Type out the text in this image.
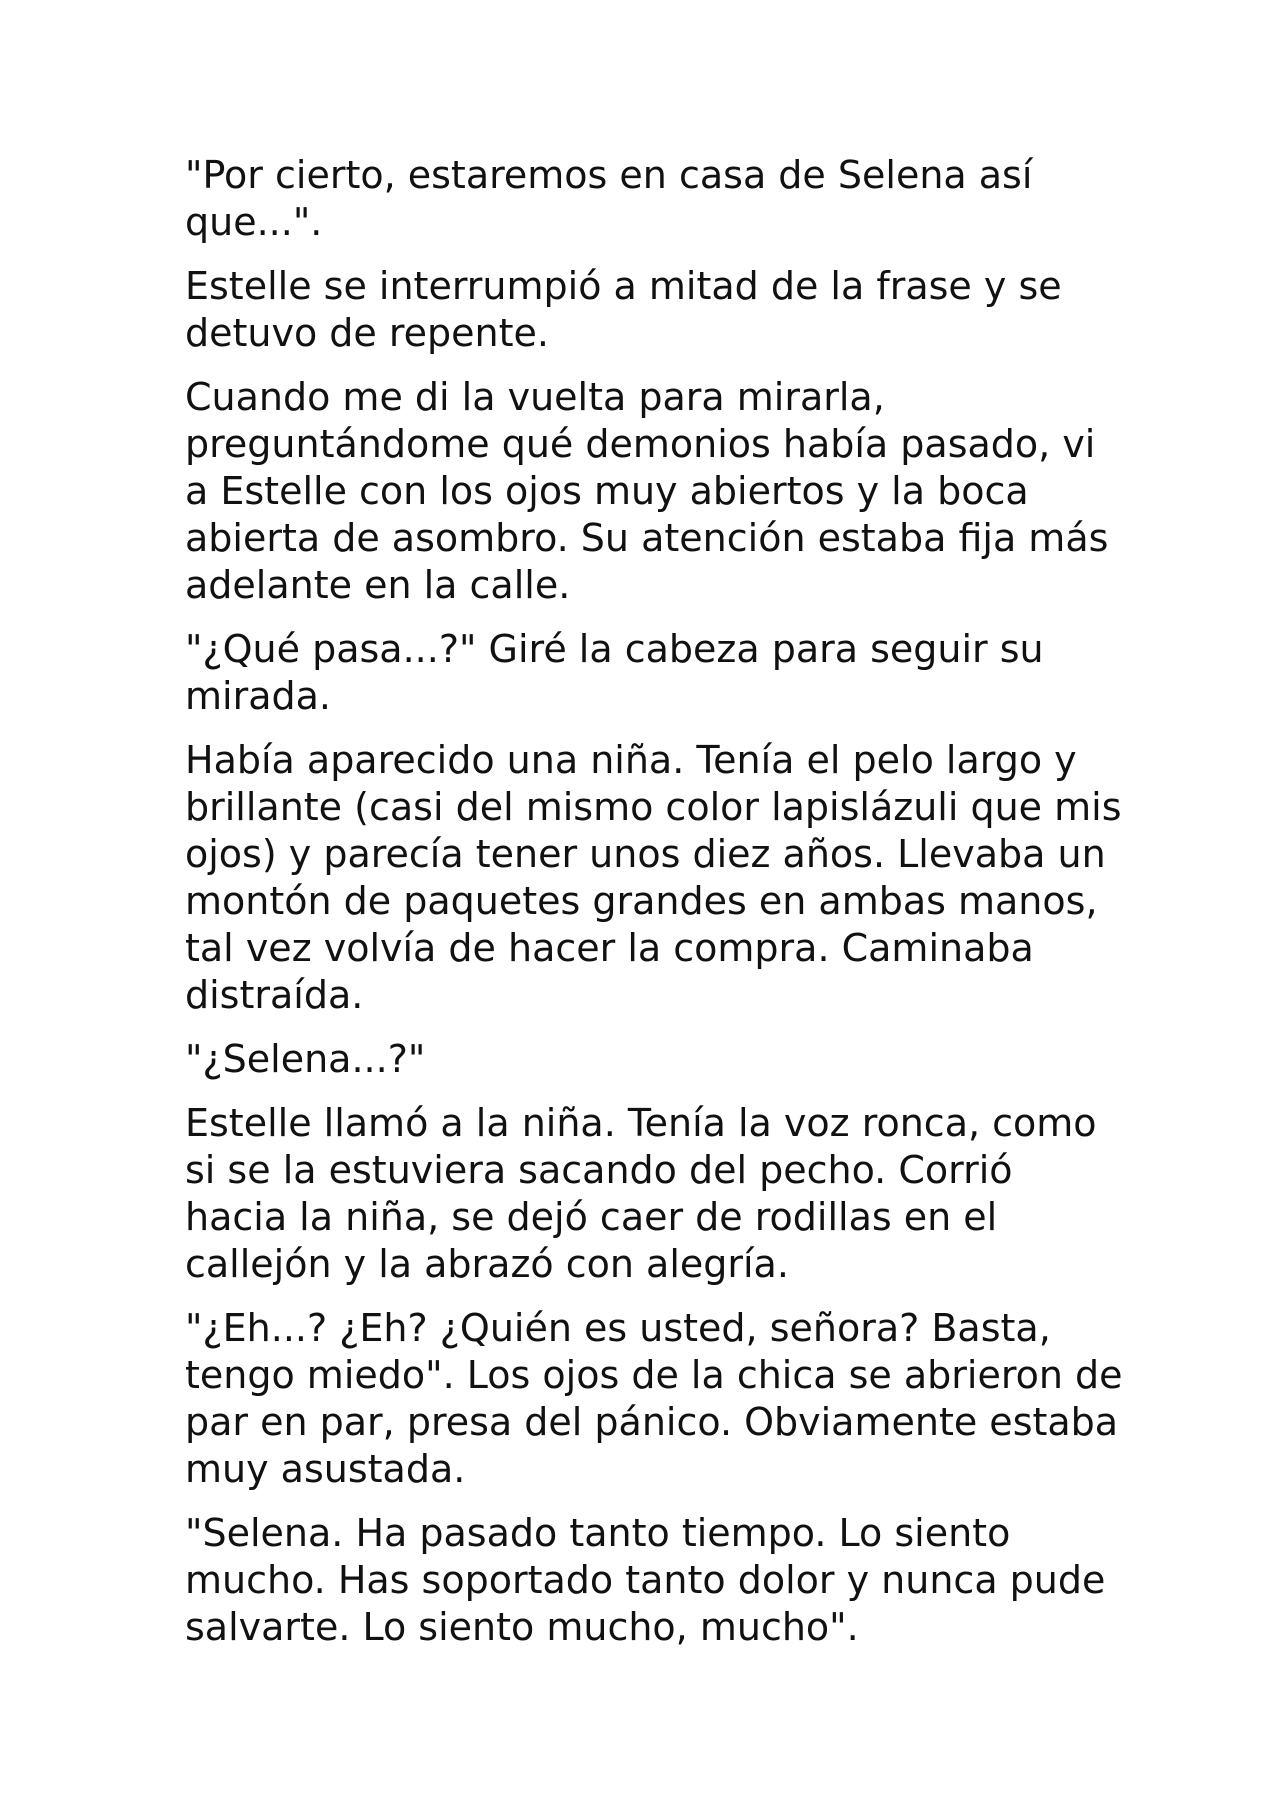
"Por cierto, estaremos en casa de Selena así que...".

Estelle se interrumpió a mitad de la frase y se detuvo de repente.

Cuando me di la vuelta para mirarla, preguntándome qué demonios había pasado, vi a Estelle con los ojos muy abiertos y la boca abierta de asombro. Su atención estaba fija más adelante en la calle.

"¿Qué pasa...?" Giré la cabeza para seguir su mirada.

Había aparecido una niña. Tenía el pelo largo y brillante (casi del mismo color lapislázuli que mis ojos) y parecía tener unos diez años. Llevaba un montón de paquetes grandes en ambas manos, tal vez volvía de hacer la compra. Caminaba distraída.

"¿Selena...?"

Estelle llamó a la niña. Tenía la voz ronca, como si se la estuviera sacando del pecho. Corrió hacia la niña, se dejó caer de rodillas en el callejón y la abrazó con alegría.

"¿Eh...? ¿Eh? ¿Quién es usted, señora? Basta, tengo miedo". Los ojos de la chica se abrieron de par en par, presa del pánico. Obviamente estaba muy asustada.

"Selena. Ha pasado tanto tiempo. Lo siento mucho. Has soportado tanto dolor y nunca pude salvarte. Lo siento mucho, mucho".
